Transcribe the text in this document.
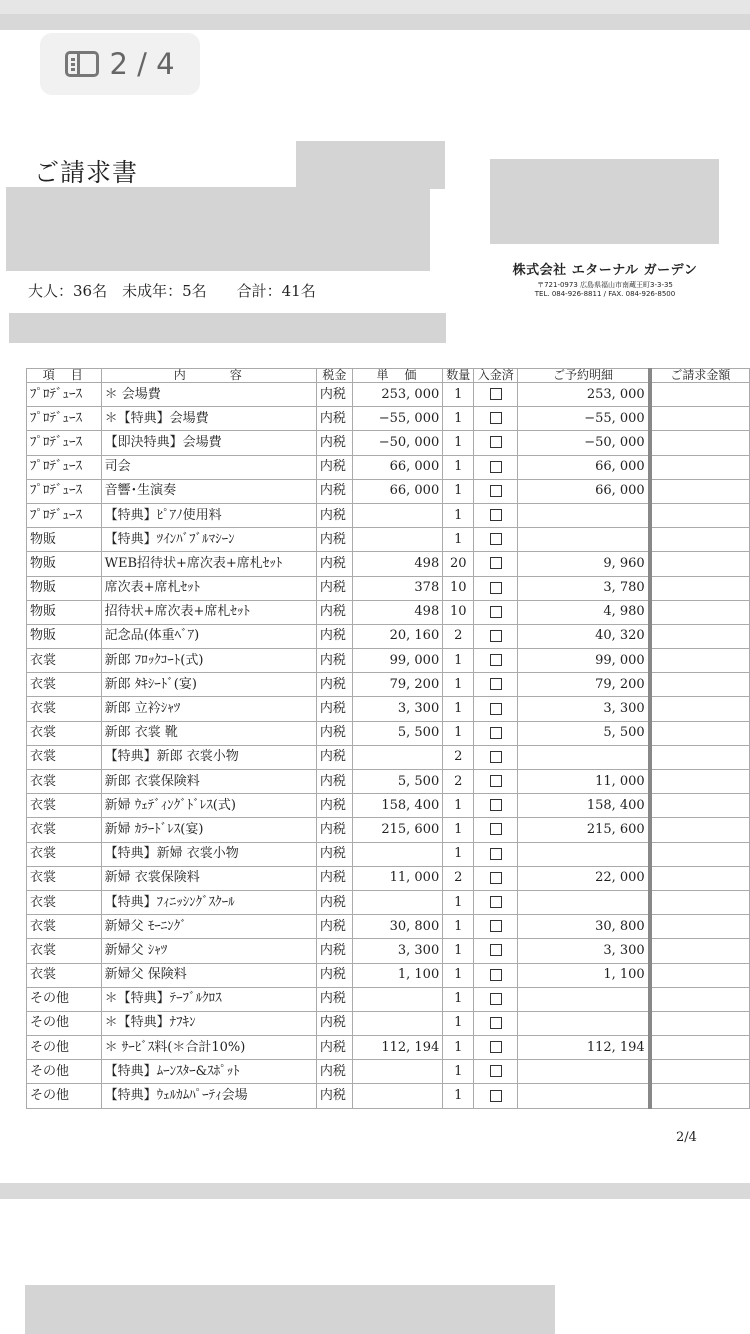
2 / 4
ご請求書
大人：36名　未成年：5名　　合計：41名
株式会社 エターナル ガーデン
〒721-0973 広島県福山市南蔵王町3-3-35
TEL. 084-926-8811 / FAX. 084-926-8500
項　目	内　　　容	税金	単　価	数量	入金済	ご予約明細	ご請求金額
ﾌﾟﾛﾃﾞｭｰｽ	＊ 会場費	内税	253, 000	1		253, 000	
ﾌﾟﾛﾃﾞｭｰｽ	＊【特典】会場費	内税	−55, 000	1		−55, 000	
ﾌﾟﾛﾃﾞｭｰｽ	【即決特典】会場費	内税	−50, 000	1		−50, 000	
ﾌﾟﾛﾃﾞｭｰｽ	司会	内税	66, 000	1		66, 000	
ﾌﾟﾛﾃﾞｭｰｽ	音響･生演奏	内税	66, 000	1		66, 000	
ﾌﾟﾛﾃﾞｭｰｽ	【特典】ﾋﾟｱﾉ使用料	内税		1			
物販	【特典】ﾂｲﾝﾊﾞﾌﾞﾙﾏｼｰﾝ	内税		1			
物販	WEB招待状+席次表+席札ｾｯﾄ	内税	498	20		9, 960	
物販	席次表+席札ｾｯﾄ	内税	378	10		3, 780	
物販	招待状+席次表+席札ｾｯﾄ	内税	498	10		4, 980	
物販	記念品(体重ﾍﾞｱ)	内税	20, 160	2		40, 320	
衣裳	新郎 ﾌﾛｯｸｺｰﾄ(式)	内税	99, 000	1		99, 000	
衣裳	新郎 ﾀｷｼｰﾄﾞ(宴)	内税	79, 200	1		79, 200	
衣裳	新郎 立衿ｼｬﾂ	内税	3, 300	1		3, 300	
衣裳	新郎 衣裳 靴	内税	5, 500	1		5, 500	
衣裳	【特典】新郎 衣裳小物	内税		2			
衣裳	新郎 衣裳保険料	内税	5, 500	2		11, 000	
衣裳	新婦 ｳｪﾃﾞｨﾝｸﾞﾄﾞﾚｽ(式)	内税	158, 400	1		158, 400	
衣裳	新婦 ｶﾗｰﾄﾞﾚｽ(宴)	内税	215, 600	1		215, 600	
衣裳	【特典】新婦 衣裳小物	内税		1			
衣裳	新婦 衣裳保険料	内税	11, 000	2		22, 000	
衣裳	【特典】ﾌｨﾆｯｼﾝｸﾞｽｸｰﾙ	内税		1			
衣裳	新婦父 ﾓｰﾆﾝｸﾞ	内税	30, 800	1		30, 800	
衣裳	新婦父 ｼｬﾂ	内税	3, 300	1		3, 300	
衣裳	新婦父 保険料	内税	1, 100	1		1, 100	
その他	＊【特典】ﾃｰﾌﾞﾙｸﾛｽ	内税		1			
その他	＊【特典】ﾅﾌｷﾝ	内税		1			
その他	＊ ｻｰﾋﾞｽ料(＊合計10%)	内税	112, 194	1		112, 194	
その他	【特典】ﾑｰﾝｽﾀｰ&ｽﾎﾟｯﾄ	内税		1			
その他	【特典】ｳｪﾙｶﾑﾊﾟｰﾃｨ会場	内税		1			
2/4
